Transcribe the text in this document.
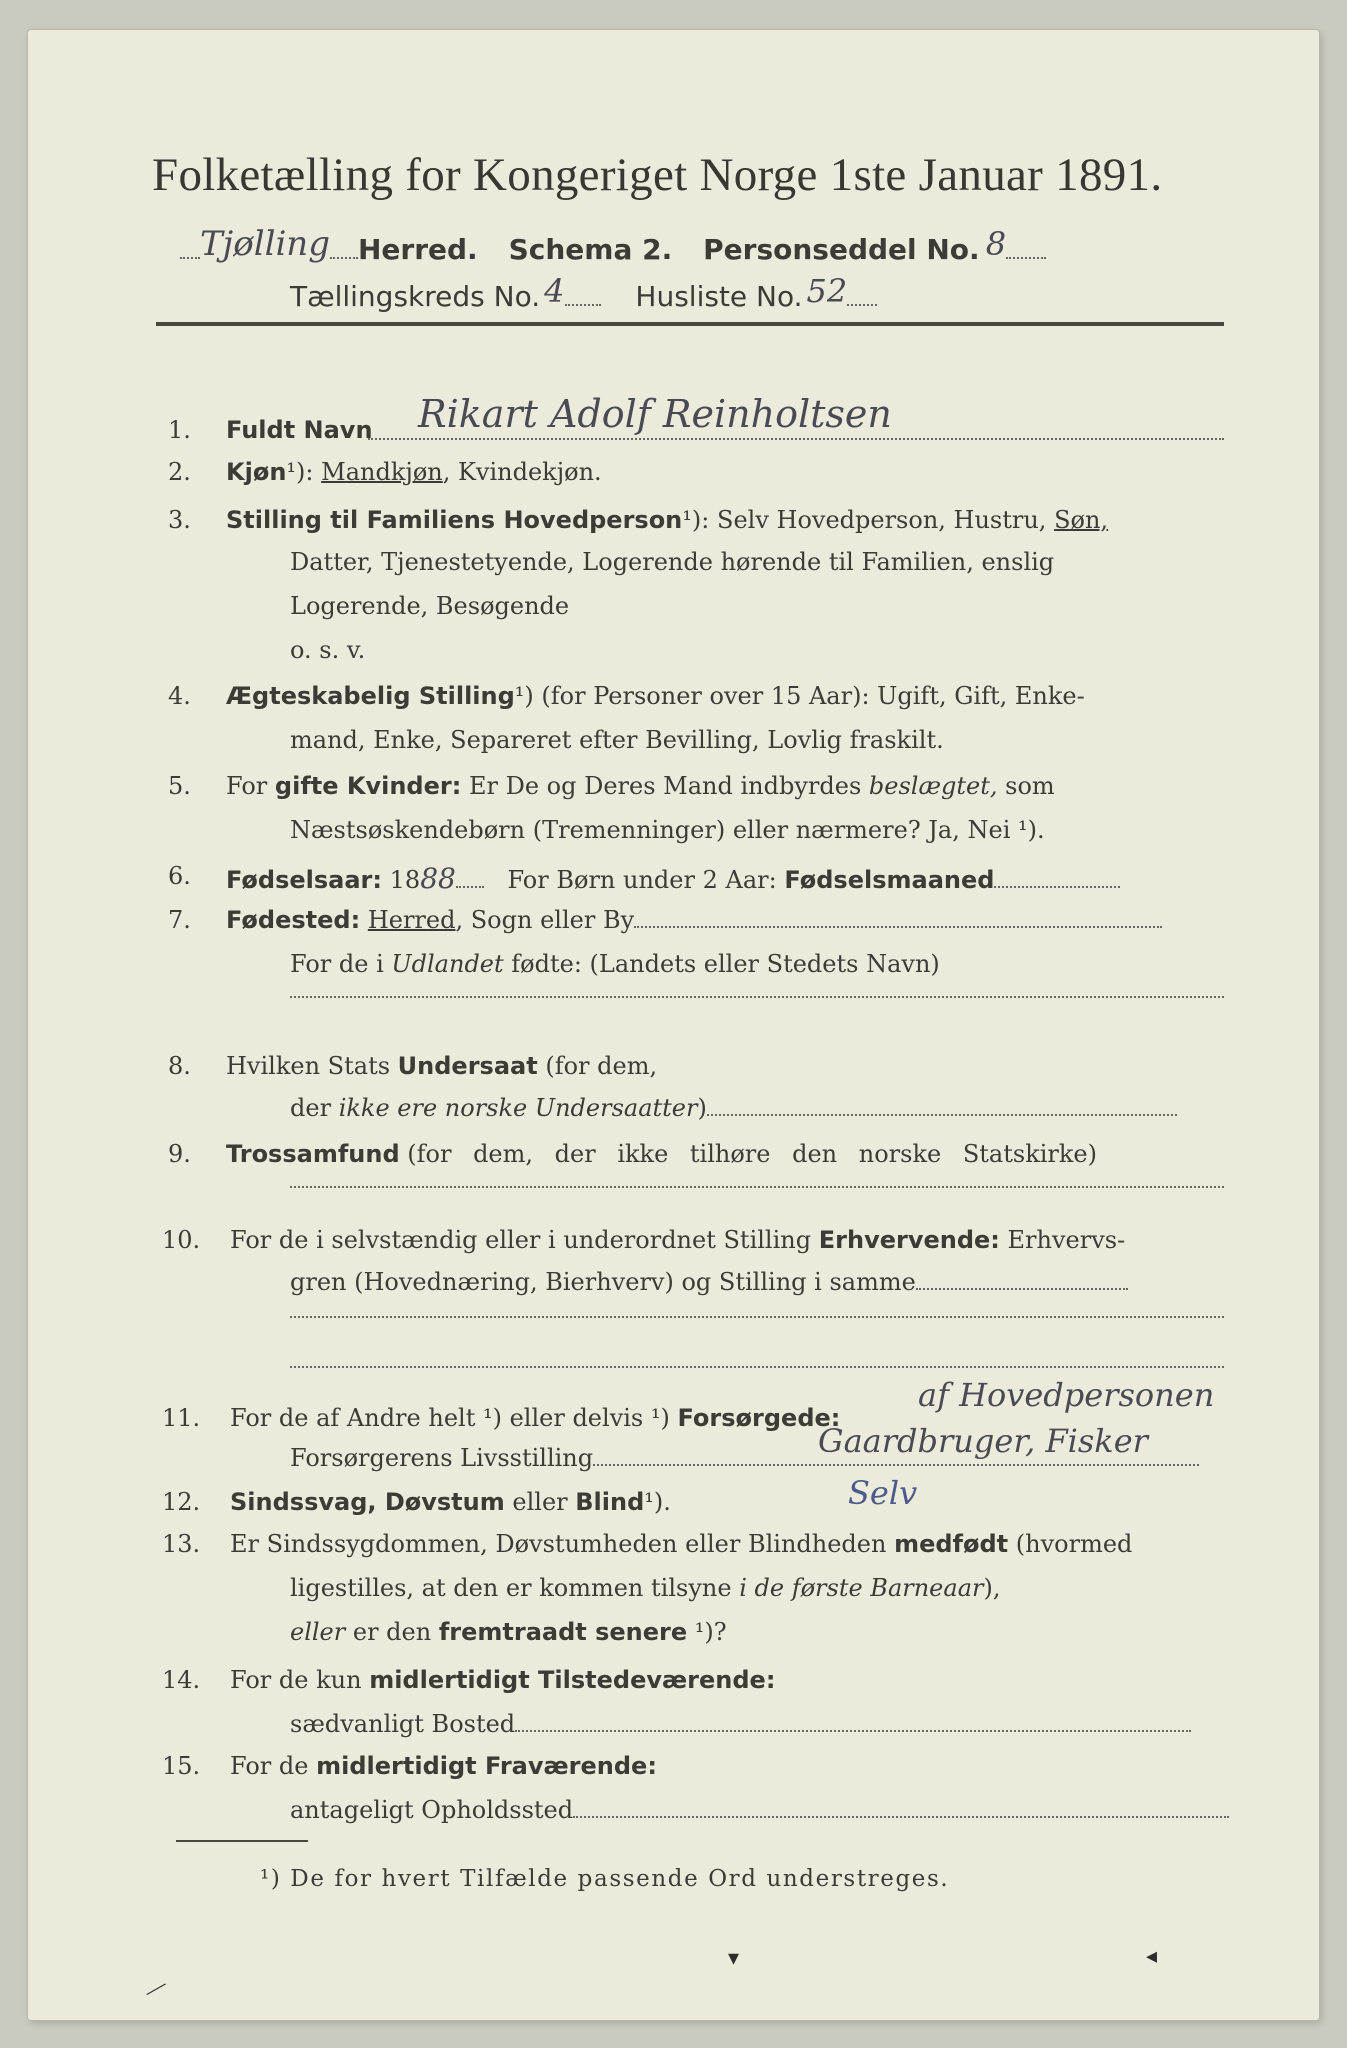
Folketælling for Kongeriget Norge 1ste Januar 1891.
Tjølling Herred. Schema 2. Personseddel No. 8
Tællingskreds No. 4	Husliste No. 52
1. Fuldt Navn Rikart Adolf Reinholtsen
2. Kjøn¹): Mandkjøn, Kvindekjøn.
3. Stilling til Familiens Hovedperson¹): Selv Hovedperson, Hustru, Søn,
Datter, Tjenestetyende, Logerende hørende til Familien, enslig
Logerende, Besøgende
o. s. v.
4. Ægteskabelig Stilling¹) (for Personer over 15 Aar): Ugift, Gift, Enke-
mand, Enke, Separeret efter Bevilling, Lovlig fraskilt.
5. For gifte Kvinder: Er De og Deres Mand indbyrdes beslægtet, som
Næstsøskendebørn (Tremenninger) eller nærmere? Ja, Nei ¹).
6. Fødselsaar: 1888 For Børn under 2 Aar: Fødselsmaaned
7. Fødested: Herred, Sogn eller By
For de i Udlandet fødte: (Landets eller Stedets Navn)
8. Hvilken Stats Undersaat (for dem,
der ikke ere norske Undersaatter)
9. Trossamfund (for dem, der ikke tilhøre den norske Statskirke)
10. For de i selvstændig eller i underordnet Stilling Erhvervende: Erhvervs-
gren (Hovednæring, Bierhverv) og Stilling i samme
11. For de af Andre helt ¹) eller delvis ¹) Forsørgede:
af Hovedpersonen
Forsørgerens Livsstilling	Gaardbruger, Fisker
12. Sindssvag, Døvstum eller Blind¹).	Selv
13. Er Sindssygdommen, Døvstumheden eller Blindheden medfødt (hvormed
ligestilles, at den er kommen tilsyne i de første Barneaar),
eller er den fremtraadt senere ¹)?
14. For de kun midlertidigt Tilstedeværende:
sædvanligt Bosted
15. For de midlertidigt Fraværende:
antageligt Opholdssted
¹) De for hvert Tilfælde passende Ord understreges.
⟋
▾	◂
